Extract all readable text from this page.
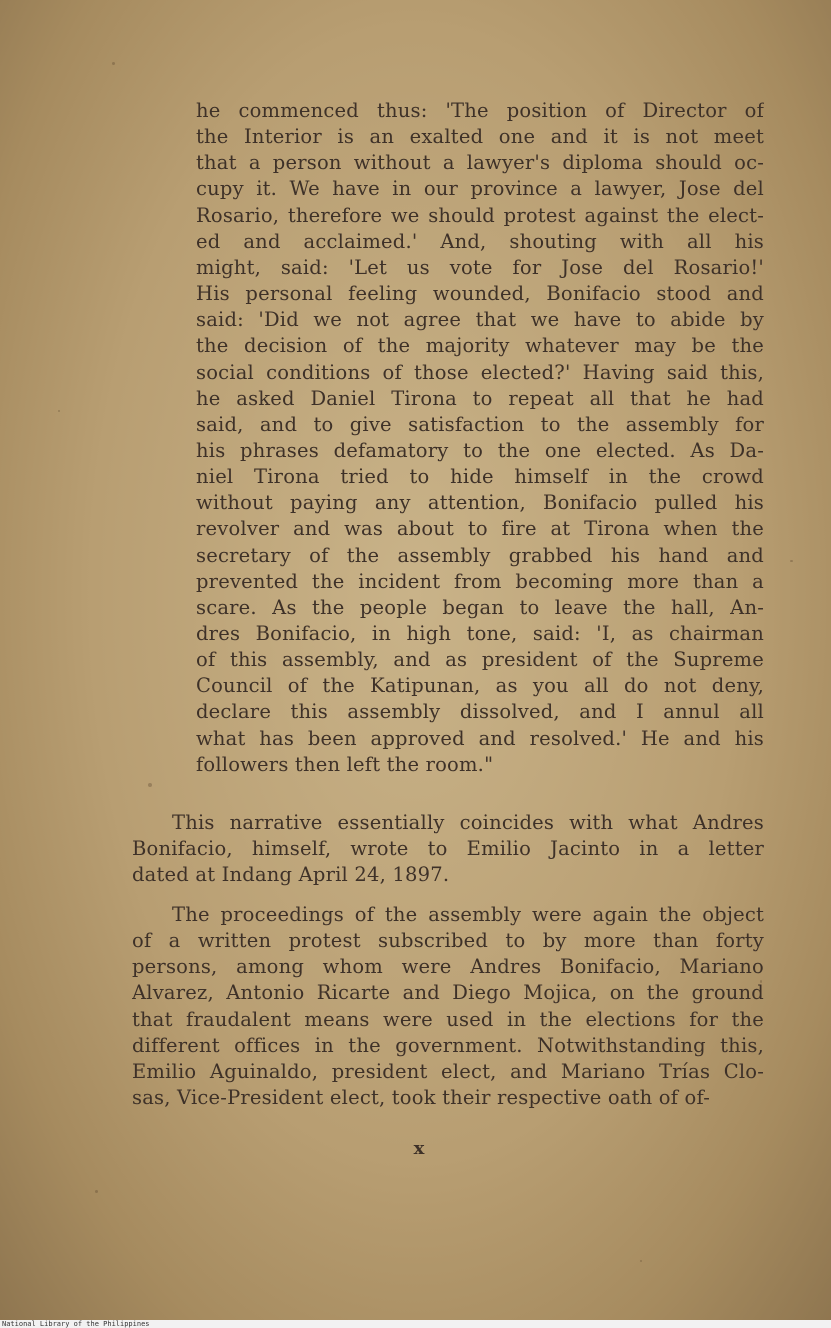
he commenced thus: 'The position of Director of
the Interior is an exalted one and it is not meet
that a person without a lawyer's diploma should oc-
cupy it. We have in our province a lawyer, Jose del
Rosario, therefore we should protest against the elect-
ed and acclaimed.' And, shouting with all his
might, said: 'Let us vote for Jose del Rosario!'
His personal feeling wounded, Bonifacio stood and
said: 'Did we not agree that we have to abide by
the decision of the majority whatever may be the
social conditions of those elected?' Having said this,
he asked Daniel Tirona to repeat all that he had
said, and to give satisfaction to the assembly for
his phrases defamatory to the one elected. As Da-
niel Tirona tried to hide himself in the crowd
without paying any attention, Bonifacio pulled his
revolver and was about to fire at Tirona when the
secretary of the assembly grabbed his hand and
prevented the incident from becoming more than a
scare. As the people began to leave the hall, An-
dres Bonifacio, in high tone, said: 'I, as chairman
of this assembly, and as president of the Supreme
Council of the Katipunan, as you all do not deny,
declare this assembly dissolved, and I annul all
what has been approved and resolved.' He and his
followers then left the room."
This narrative essentially coincides with what Andres
Bonifacio, himself, wrote to Emilio Jacinto in a letter
dated at Indang April 24, 1897.
The proceedings of the assembly were again the object
of a written protest subscribed to by more than forty
persons, among whom were Andres Bonifacio, Mariano
Alvarez, Antonio Ricarte and Diego Mojica, on the ground
that fraudalent means were used in the elections for the
different offices in the government. Notwithstanding this,
Emilio Aguinaldo, president elect, and Mariano Trías Clo-
sas, Vice-President elect, took their respective oath of of-
x
National Library of the Philippines
